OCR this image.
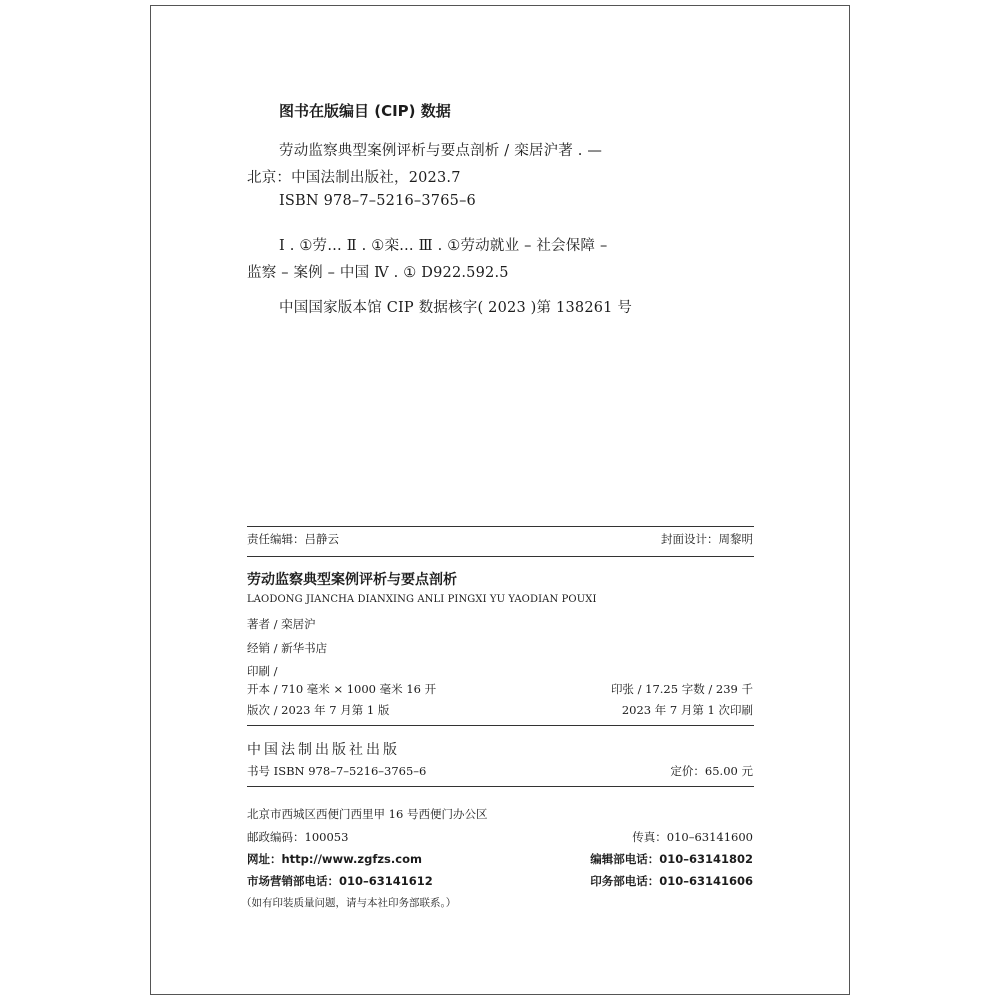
图书在版编目 (CIP) 数据
劳动监察典型案例评析与要点剖析 / 栾居沪著 . —
北京：中国法制出版社，2023.7
ISBN 978–7–5216–3765–6
Ⅰ . ①劳… Ⅱ . ①栾… Ⅲ . ①劳动就业 – 社会保障 –
监察 – 案例 – 中国 Ⅳ . ① D922.592.5
中国国家版本馆 CIP 数据核字( 2023 )第 138261 号
责任编辑：吕静云	封面设计：周黎明
劳动监察典型案例评析与要点剖析
LAODONG JIANCHA DIANXING ANLI PINGXI YU YAODIAN POUXI
著者 / 栾居沪
经销 / 新华书店
印刷 /
开本 / 710 毫米 × 1000 毫米 16 开	印张 / 17.25 字数 / 239 千
版次 / 2023 年 7 月第 1 版	2023 年 7 月第 1 次印刷
中国法制出版社出版
书号 ISBN 978–7–5216–3765–6	定价：65.00 元
北京市西城区西便门西里甲 16 号西便门办公区
邮政编码：100053	传真：010–63141600
网址：http://www.zgfzs.com	编辑部电话：010–63141802
市场营销部电话：010–63141612	印务部电话：010–63141606
（如有印装质量问题，请与本社印务部联系。）
